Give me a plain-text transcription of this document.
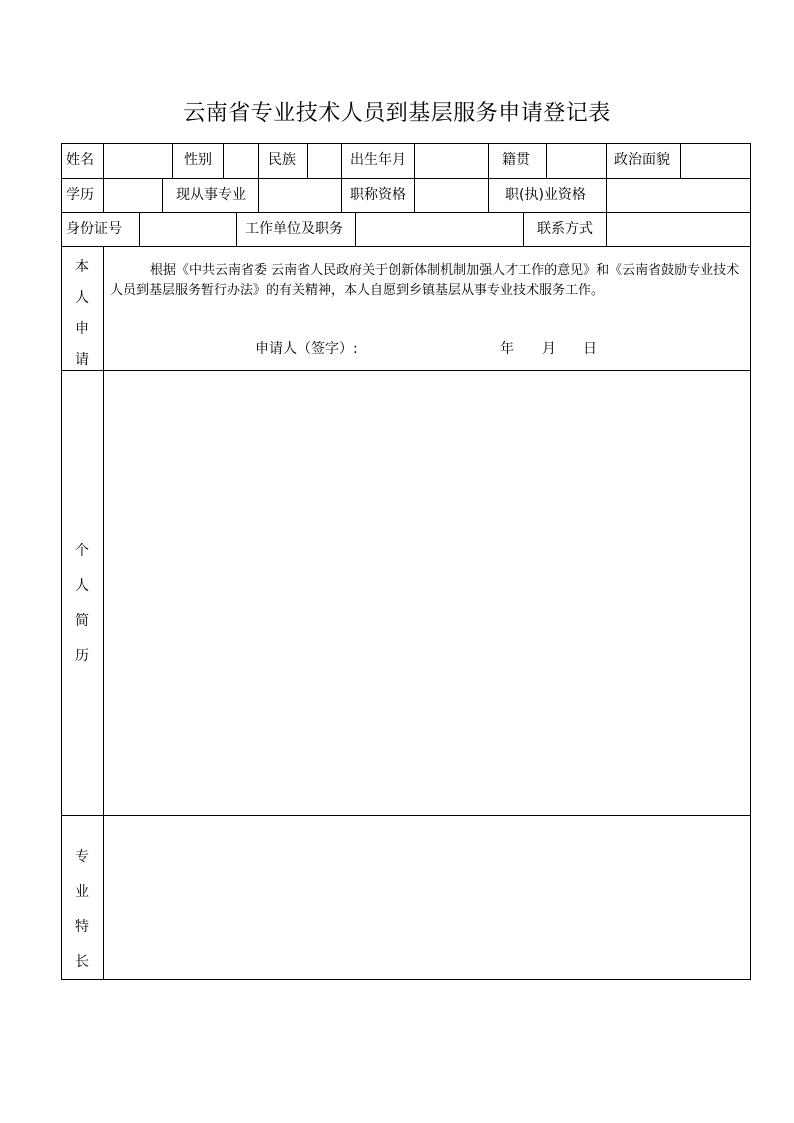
云南省专业技术人员到基层服务申请登记表
姓名	性别	民族	出生年月	籍贯	政治面貌
学历	现从事专业	职称资格	职(执)业资格
身份证号	工作单位及职务	联系方式
本
人
申
请
根据《中共云南省委 云南省人民政府关于创新体制机制加强人才工作的意见》和《云南省鼓励专业技术人员到基层服务暂行办法》的有关精神，本人自愿到乡镇基层从事专业技术服务工作。
申请人（签字）:	年 月 日
个
人
简
历
专
业
特
长
